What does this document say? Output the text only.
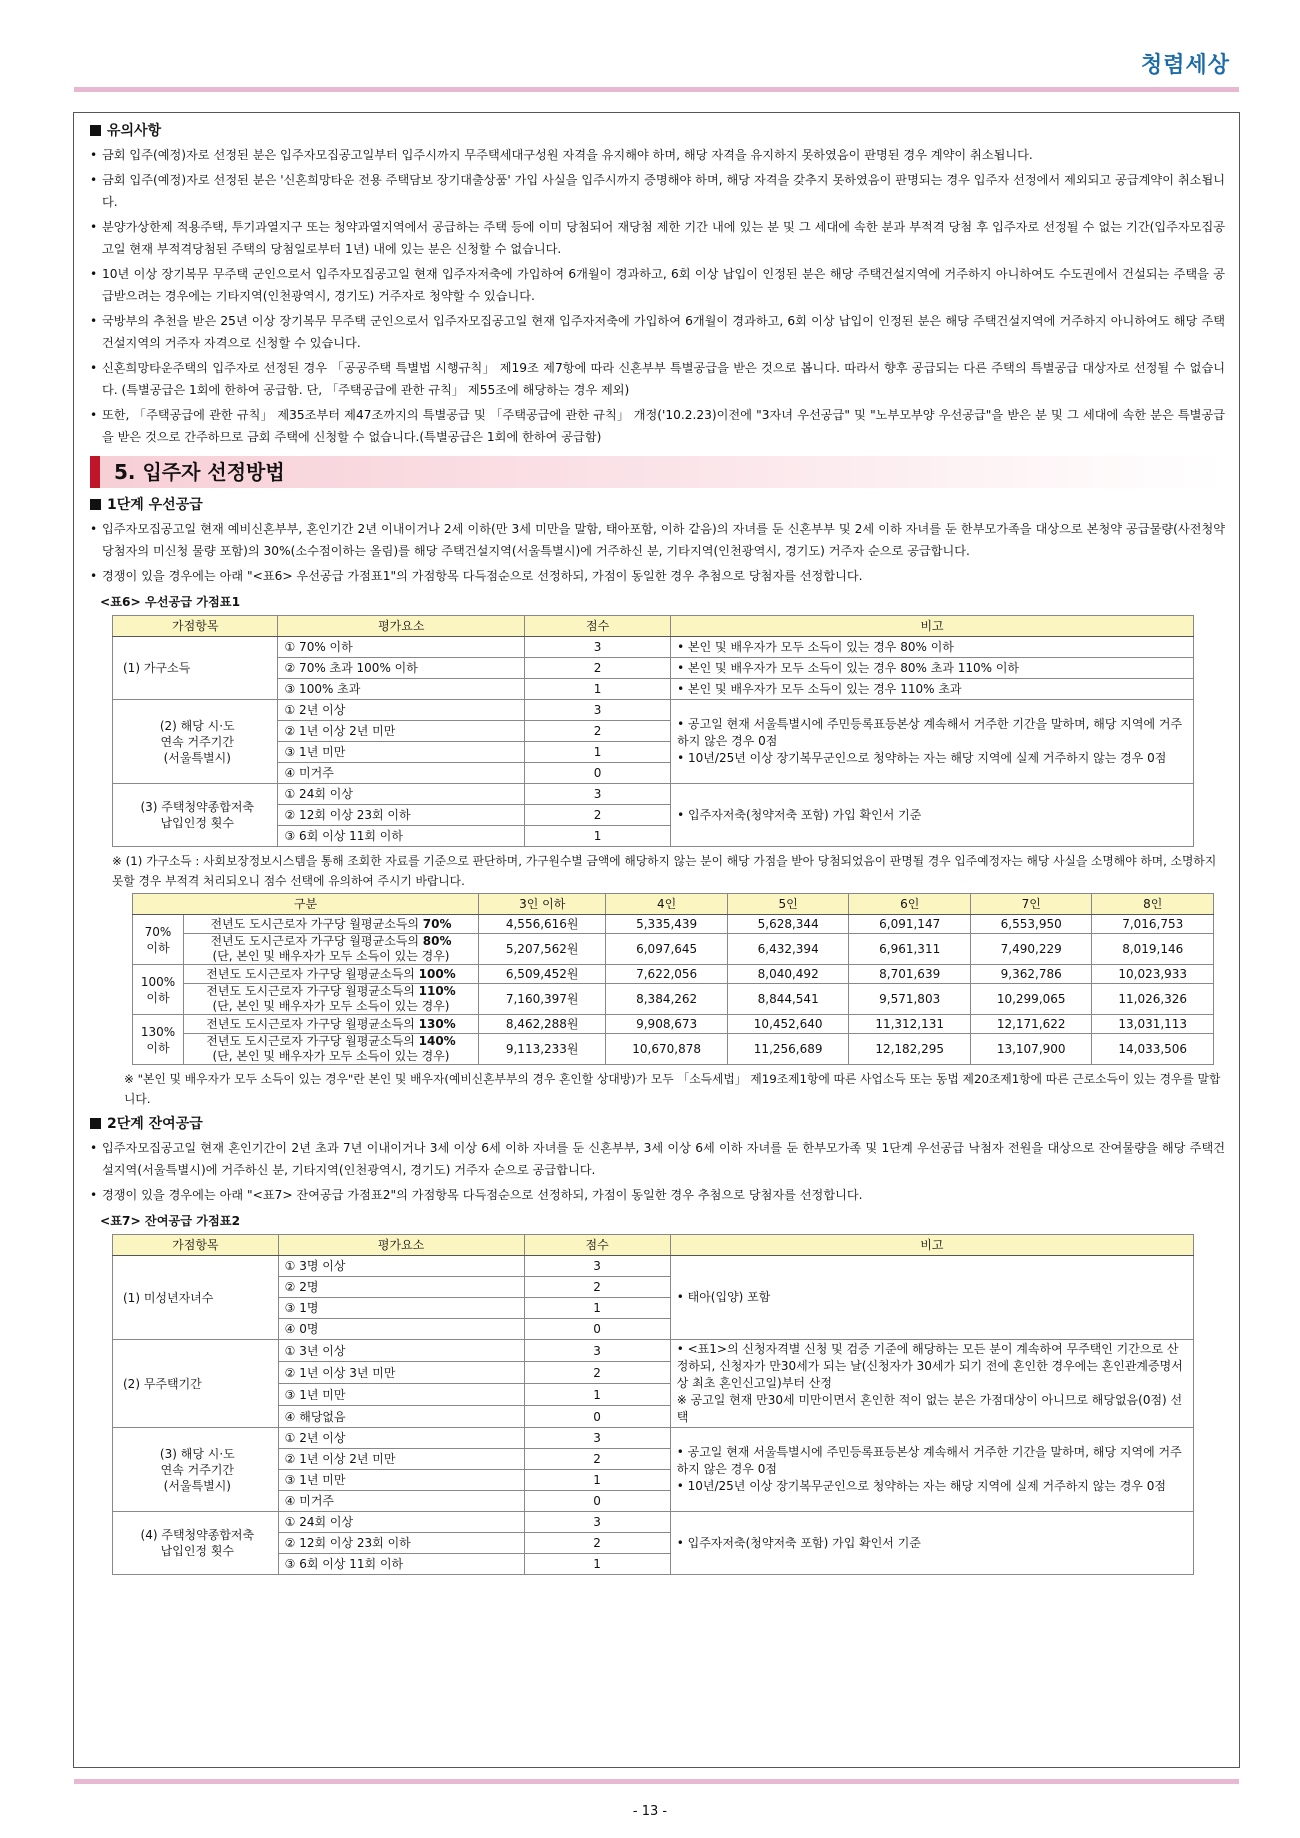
청렴세상
유의사항
• 금회 입주(예정)자로 선정된 분은 입주자모집공고일부터 입주시까지 무주택세대구성원 자격을 유지해야 하며, 해당 자격을 유지하지 못하였음이 판명된 경우 계약이 취소됩니다.
• 금회 입주(예정)자로 선정된 분은 '신혼희망타운 전용 주택담보 장기대출상품' 가입 사실을 입주시까지 증명해야 하며, 해당 자격을 갖추지 못하였음이 판명되는 경우 입주자 선정에서 제외되고 공급계약이 취소됩니다.
• 분양가상한제 적용주택, 투기과열지구 또는 청약과열지역에서 공급하는 주택 등에 이미 당첨되어 재당첨 제한 기간 내에 있는 분 및 그 세대에 속한 분과 부적격 당첨 후 입주자로 선정될 수 없는 기간(입주자모집공고일 현재 부적격당첨된 주택의 당첨일로부터 1년) 내에 있는 분은 신청할 수 없습니다.
• 10년 이상 장기복무 무주택 군인으로서 입주자모집공고일 현재 입주자저축에 가입하여 6개월이 경과하고, 6회 이상 납입이 인정된 분은 해당 주택건설지역에 거주하지 아니하여도 수도권에서 건설되는 주택을 공급받으려는 경우에는 기타지역(인천광역시, 경기도) 거주자로 청약할 수 있습니다.
• 국방부의 추천을 받은 25년 이상 장기복무 무주택 군인으로서 입주자모집공고일 현재 입주자저축에 가입하여 6개월이 경과하고, 6회 이상 납입이 인정된 분은 해당 주택건설지역에 거주하지 아니하여도 해당 주택건설지역의 거주자 자격으로 신청할 수 있습니다.
• 신혼희망타운주택의 입주자로 선정된 경우 「공공주택 특별법 시행규칙」 제19조 제7항에 따라 신혼부부 특별공급을 받은 것으로 봅니다. 따라서 향후 공급되는 다른 주택의 특별공급 대상자로 선정될 수 없습니다. (특별공급은 1회에 한하여 공급함. 단, 「주택공급에 관한 규칙」 제55조에 해당하는 경우 제외)
• 또한, 「주택공급에 관한 규칙」 제35조부터 제47조까지의 특별공급 및 「주택공급에 관한 규칙」 개정('10.2.23)이전에 "3자녀 우선공급" 및 "노부모부양 우선공급"을 받은 분 및 그 세대에 속한 분은 특별공급을 받은 것으로 간주하므로 금회 주택에 신청할 수 없습니다.(특별공급은 1회에 한하여 공급함)
5. 입주자 선정방법
1단계 우선공급
• 입주자모집공고일 현재 예비신혼부부, 혼인기간 2년 이내이거나 2세 이하(만 3세 미만을 말함, 태아포함, 이하 같음)의 자녀를 둔 신혼부부 및 2세 이하 자녀를 둔 한부모가족을 대상으로 본청약 공급물량(사전청약 당첨자의 미신청 물량 포함)의 30%(소수점이하는 올림)를 해당 주택건설지역(서울특별시)에 거주하신 분, 기타지역(인천광역시, 경기도) 거주자 순으로 공급합니다.
• 경쟁이 있을 경우에는 아래 "<표6> 우선공급 가점표1"의 가점항목 다득점순으로 선정하되, 가점이 동일한 경우 추첨으로 당첨자를 선정합니다.
<표6> 우선공급 가점표1
가점항목	평가요소	점수	비고
(1) 가구소득	① 70% 이하	3	• 본인 및 배우자가 모두 소득이 있는 경우 80% 이하
	② 70% 초과 100% 이하	2	• 본인 및 배우자가 모두 소득이 있는 경우 80% 초과 110% 이하
	③ 100% 초과	1	• 본인 및 배우자가 모두 소득이 있는 경우 110% 초과
(2) 해당 시·도
연속 거주기간
(서울특별시)	① 2년 이상	3	• 공고일 현재 서울특별시에 주민등록표등본상 계속해서 거주한 기간을 말하며, 해당 지역에 거주하지 않은 경우 0점
• 10년/25년 이상 장기복무군인으로 청약하는 자는 해당 지역에 실제 거주하지 않는 경우 0점
	② 1년 이상 2년 미만	2	
	③ 1년 미만	1	
	④ 미거주	0	
(3) 주택청약종합저축
납입인정 횟수	① 24회 이상	3	• 입주자저축(청약저축 포함) 가입 확인서 기준
	② 12회 이상 23회 이하	2	
	③ 6회 이상 11회 이하	1	
※ (1) 가구소득 : 사회보장정보시스템을 통해 조회한 자료를 기준으로 판단하며, 가구원수별 금액에 해당하지 않는 분이 해당 가점을 받아 당첨되었음이 판명될 경우 입주예정자는 해당 사실을 소명해야 하며, 소명하지 못할 경우 부적격 처리되오니 점수 선택에 유의하여 주시기 바랍니다.
구분		3인 이하	4인	5인	6인	7인	8인
70%
이하	전년도 도시근로자 가구당 월평균소득의 70%	4,556,616원	5,335,439	5,628,344	6,091,147	6,553,950	7,016,753
	전년도 도시근로자 가구당 월평균소득의 80%
(단, 본인 및 배우자가 모두 소득이 있는 경우)	5,207,562원	6,097,645	6,432,394	6,961,311	7,490,229	8,019,146
100%
이하	전년도 도시근로자 가구당 월평균소득의 100%	6,509,452원	7,622,056	8,040,492	8,701,639	9,362,786	10,023,933
	전년도 도시근로자 가구당 월평균소득의 110%
(단, 본인 및 배우자가 모두 소득이 있는 경우)	7,160,397원	8,384,262	8,844,541	9,571,803	10,299,065	11,026,326
130%
이하	전년도 도시근로자 가구당 월평균소득의 130%	8,462,288원	9,908,673	10,452,640	11,312,131	12,171,622	13,031,113
	전년도 도시근로자 가구당 월평균소득의 140%
(단, 본인 및 배우자가 모두 소득이 있는 경우)	9,113,233원	10,670,878	11,256,689	12,182,295	13,107,900	14,033,506
※ "본인 및 배우자가 모두 소득이 있는 경우"란 본인 및 배우자(예비신혼부부의 경우 혼인할 상대방)가 모두 「소득세법」 제19조제1항에 따른 사업소득 또는 동법 제20조제1항에 따른 근로소득이 있는 경우를 말합니다.
2단계 잔여공급
• 입주자모집공고일 현재 혼인기간이 2년 초과 7년 이내이거나 3세 이상 6세 이하 자녀를 둔 신혼부부, 3세 이상 6세 이하 자녀를 둔 한부모가족 및 1단계 우선공급 낙첨자 전원을 대상으로 잔여물량을 해당 주택건설지역(서울특별시)에 거주하신 분, 기타지역(인천광역시, 경기도) 거주자 순으로 공급합니다.
• 경쟁이 있을 경우에는 아래 "<표7> 잔여공급 가점표2"의 가점항목 다득점순으로 선정하되, 가점이 동일한 경우 추첨으로 당첨자를 선정합니다.
<표7> 잔여공급 가점표2
가점항목	평가요소	점수	비고
(1) 미성년자녀수	① 3명 이상	3	• 태아(입양) 포함
	② 2명	2	
	③ 1명	1	
	④ 0명	0	
(2) 무주택기간	① 3년 이상	3	• <표1>의 신청자격별 신청 및 검증 기준에 해당하는 모든 분이 계속하여 무주택인 기간으로 산정하되, 신청자가 만30세가 되는 날(신청자가 30세가 되기 전에 혼인한 경우에는 혼인관계증명서상 최초 혼인신고일)부터 산정
※ 공고일 현재 만30세 미만이면서 혼인한 적이 없는 분은 가점대상이 아니므로 해당없음(0점) 선택
	② 1년 이상 3년 미만	2	
	③ 1년 미만	1	
	④ 해당없음	0	
(3) 해당 시·도
연속 거주기간
(서울특별시)	① 2년 이상	3	• 공고일 현재 서울특별시에 주민등록표등본상 계속해서 거주한 기간을 말하며, 해당 지역에 거주하지 않은 경우 0점
• 10년/25년 이상 장기복무군인으로 청약하는 자는 해당 지역에 실제 거주하지 않는 경우 0점
	② 1년 이상 2년 미만	2	
	③ 1년 미만	1	
	④ 미거주	0	
(4) 주택청약종합저축
납입인정 횟수	① 24회 이상	3	• 입주자저축(청약저축 포함) 가입 확인서 기준
	② 12회 이상 23회 이하	2	
	③ 6회 이상 11회 이하	1	
- 13 -
